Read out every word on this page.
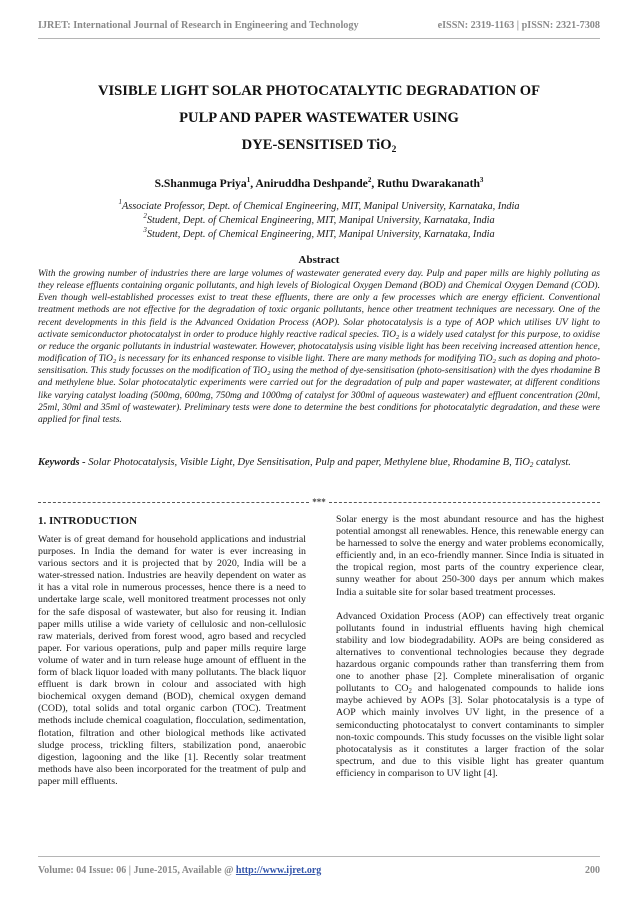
IJRET: International Journal of Research in Engineering and Technology	eISSN: 2319-1163 | pISSN: 2321-7308
VISIBLE LIGHT SOLAR PHOTOCATALYTIC DEGRADATION OF
PULP AND PAPER WASTEWATER USING
DYE-SENSITISED TiO$_2$
S.Shanmuga Priya$^1$, Aniruddha Deshpande$^2$, Ruthu Dwarakanath$^3$
$^1$Associate Professor, Dept. of Chemical Engineering, MIT, Manipal University, Karnataka, India
$^2$Student, Dept. of Chemical Engineering, MIT, Manipal University, Karnataka, India
$^3$Student, Dept. of Chemical Engineering, MIT, Manipal University, Karnataka, India
Abstract

With the growing number of industries there are large volumes of wastewater generated every day. Pulp and paper mills are highly polluting as they release effluents containing organic pollutants, and high levels of Biological Oxygen Demand (BOD) and Chemical Oxygen Demand (COD). Even though well-established processes exist to treat these effluents, there are only a few processes which are energy efficient. Conventional treatment methods are not effective for the degradation of toxic organic pollutants, hence other treatment techniques are necessary. One of the recent developments in this field is the Advanced Oxidation Process (AOP). Solar photocatalysis is a type of AOP which utilises UV light to activate semiconductor photocatalyst in order to produce highly reactive radical species. TiO$_2$ is a widely used catalyst for this purpose, to oxidise or reduce the organic pollutants in industrial wastewater. However, photocatalysis using visible light has been receiving increased attention hence, modification of TiO$_2$ is necessary for its enhanced response to visible light. There are many methods for modifying TiO$_2$ such as doping and photo-sensitisation. This study focusses on the modification of TiO$_2$ using the method of dye-sensitisation (photo-sensitisation) with the dyes rhodamine B and methylene blue. Solar photocatalytic experiments were carried out for the degradation of pulp and paper wastewater, at different conditions like varying catalyst loading (500mg, 600mg, 750mg and 1000mg of catalyst for 300ml of aqueous wastewater) and effluent concentration (20ml, 25ml, 30ml and 35ml of wastewater). Preliminary tests were done to determine the best conditions for photocatalytic degradation, and these were applied for final tests.

Keywords - Solar Photocatalysis, Visible Light, Dye Sensitisation, Pulp and paper, Methylene blue, Rhodamine B, TiO$_2$ catalyst.
***
1. INTRODUCTION

Water is of great demand for household applications and industrial purposes. In India the demand for water is ever increasing in various sectors and it is projected that by 2020, India will be a water-stressed nation. Industries are heavily dependent on water as it has a vital role in numerous processes, hence there is a need to undertake large scale, well monitored treatment processes not only for the safe disposal of wastewater, but also for reusing it. Indian paper mills utilise a wide variety of cellulosic and non-cellulosic raw materials, derived from forest wood, agro based and recycled paper. For various operations, pulp and paper mills require large volume of water and in turn release huge amount of effluent in the form of black liquor loaded with many pollutants. The black liquor effluent is dark brown in colour and associated with high biochemical oxygen demand (BOD), chemical oxygen demand (COD), total solids and total organic carbon (TOC). Treatment methods include chemical coagulation, flocculation, sedimentation, flotation, filtration and other biological methods like activated sludge process, trickling filters, stabilization pond, anaerobic digestion, lagooning and the like [1]. Recently solar treatment methods have also been incorporated for the treatment of pulp and paper mill effluents.

Solar energy is the most abundant resource and has the highest potential amongst all renewables. Hence, this renewable energy can be harnessed to solve the energy and water problems economically, efficiently and, in an eco-friendly manner. Since India is situated in the tropical region, most parts of the country experience clear, sunny weather for about 250-300 days per annum which makes India a suitable site for solar based treatment processes.

Advanced Oxidation Process (AOP) can effectively treat organic pollutants found in industrial effluents having high chemical stability and low biodegradability. AOPs are being considered as alternatives to conventional technologies because they degrade hazardous organic compounds rather than transferring them from one to another phase [2]. Complete mineralisation of organic pollutants to $CO_2$ and halogenated compounds to halide ions maybe achieved by AOPs [3]. Solar photocatalysis is a type of AOP which mainly involves UV light, in the presence of a semiconducting photocatalyst to convert contaminants to simpler non-toxic compounds. This study focusses on the visible light solar photocatalysis as it constitutes a larger fraction of the solar spectrum, and due to this visible light has greater quantum efficiency in comparison to UV light [4].

Volume: 04 Issue: 06 | June-2015, Available @ http://www.ijret.org	200
